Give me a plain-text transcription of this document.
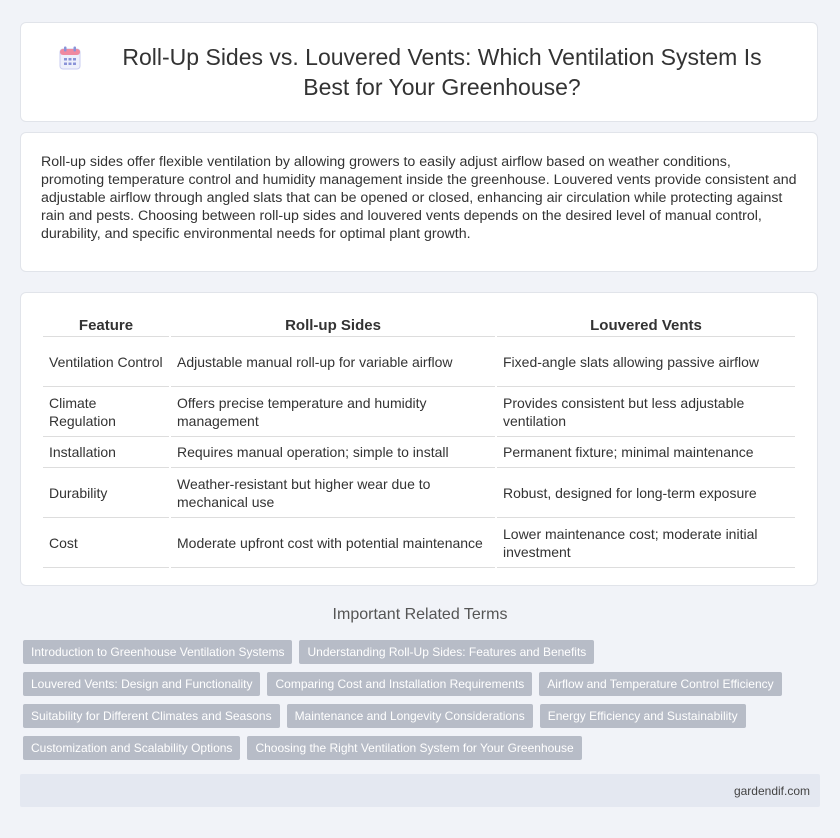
Roll-Up Sides vs. Louvered Vents: Which Ventilation System Is Best for Your Greenhouse?

Roll-up sides offer flexible ventilation by allowing growers to easily adjust airflow based on weather conditions, promoting temperature control and humidity management inside the greenhouse. Louvered vents provide consistent and adjustable airflow through angled slats that can be opened or closed, enhancing air circulation while protecting against rain and pests. Choosing between roll-up sides and louvered vents depends on the desired level of manual control, durability, and specific environmental needs for optimal plant growth.

Feature	Roll-up Sides	Louvered Vents
Ventilation Control	Adjustable manual roll-up for variable airflow	Fixed-angle slats allowing passive airflow
Climate Regulation	Offers precise temperature and humidity management	Provides consistent but less adjustable ventilation
Installation	Requires manual operation; simple to install	Permanent fixture; minimal maintenance
Durability	Weather-resistant but higher wear due to mechanical use	Robust, designed for long-term exposure
Cost	Moderate upfront cost with potential maintenance	Lower maintenance cost; moderate initial investment
Important Related Terms
Introduction to Greenhouse Ventilation Systems	Understanding Roll-Up Sides: Features and Benefits
Louvered Vents: Design and Functionality	Comparing Cost and Installation Requirements	Airflow and Temperature Control Efficiency
Suitability for Different Climates and Seasons	Maintenance and Longevity Considerations	Energy Efficiency and Sustainability
Customization and Scalability Options	Choosing the Right Ventilation System for Your Greenhouse
gardendif.com
